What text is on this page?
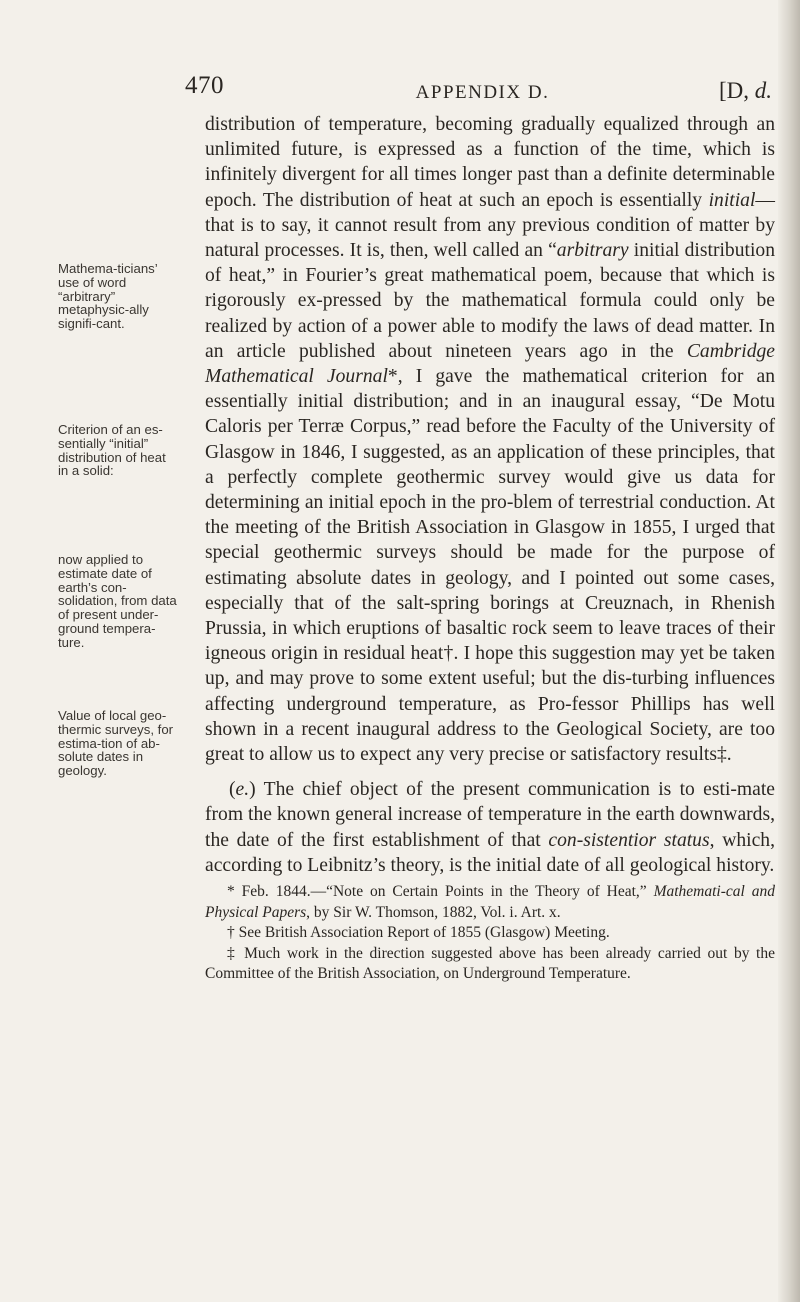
470	APPENDIX D.	[D, d.
Mathema-ticians’ use of word “arbitrary” metaphysic-ally signifi-cant.
Criterion of an es-sentially “initial” distribution of heat in a solid:
now applied to estimate date of earth’s con-solidation, from data of present under-ground tempera-ture.
Value of local geo-thermic surveys, for estima-tion of ab-solute dates in geology.

distribution of temperature, becoming gradually equalized through an unlimited future, is expressed as a function of the time, which is infinitely divergent for all times longer past than a definite determinable epoch. The distribution of heat at such an epoch is essentially initial—that is to say, it cannot result from any previous condition of matter by natural processes. It is, then, well called an “arbitrary initial distribution of heat,” in Fourier’s great mathematical poem, because that which is rigorously ex-pressed by the mathematical formula could only be realized by action of a power able to modify the laws of dead matter. In an article published about nineteen years ago in the Cambridge Mathematical Journal*, I gave the mathematical criterion for an essentially initial distribution; and in an inaugural essay, “De Motu Caloris per Terræ Corpus,” read before the Faculty of the University of Glasgow in 1846, I suggested, as an application of these principles, that a perfectly complete geothermic survey would give us data for determining an initial epoch in the pro-blem of terrestrial conduction. At the meeting of the British Association in Glasgow in 1855, I urged that special geothermic surveys should be made for the purpose of estimating absolute dates in geology, and I pointed out some cases, especially that of the salt-spring borings at Creuznach, in Rhenish Prussia, in which eruptions of basaltic rock seem to leave traces of their igneous origin in residual heat†. I hope this suggestion may yet be taken up, and may prove to some extent useful; but the dis-turbing influences affecting underground temperature, as Pro-fessor Phillips has well shown in a recent inaugural address to the Geological Society, are too great to allow us to expect any very precise or satisfactory results‡.

(e.) The chief object of the present communication is to esti-mate from the known general increase of temperature in the earth downwards, the date of the first establishment of that con-sistentior status, which, according to Leibnitz’s theory, is the initial date of all geological history.

* Feb. 1844.—“Note on Certain Points in the Theory of Heat,” Mathemati-cal and Physical Papers, by Sir W. Thomson, 1882, Vol. i. Art. x.

† See British Association Report of 1855 (Glasgow) Meeting.

‡ Much work in the direction suggested above has been already carried out by the Committee of the British Association, on Underground Temperature.
